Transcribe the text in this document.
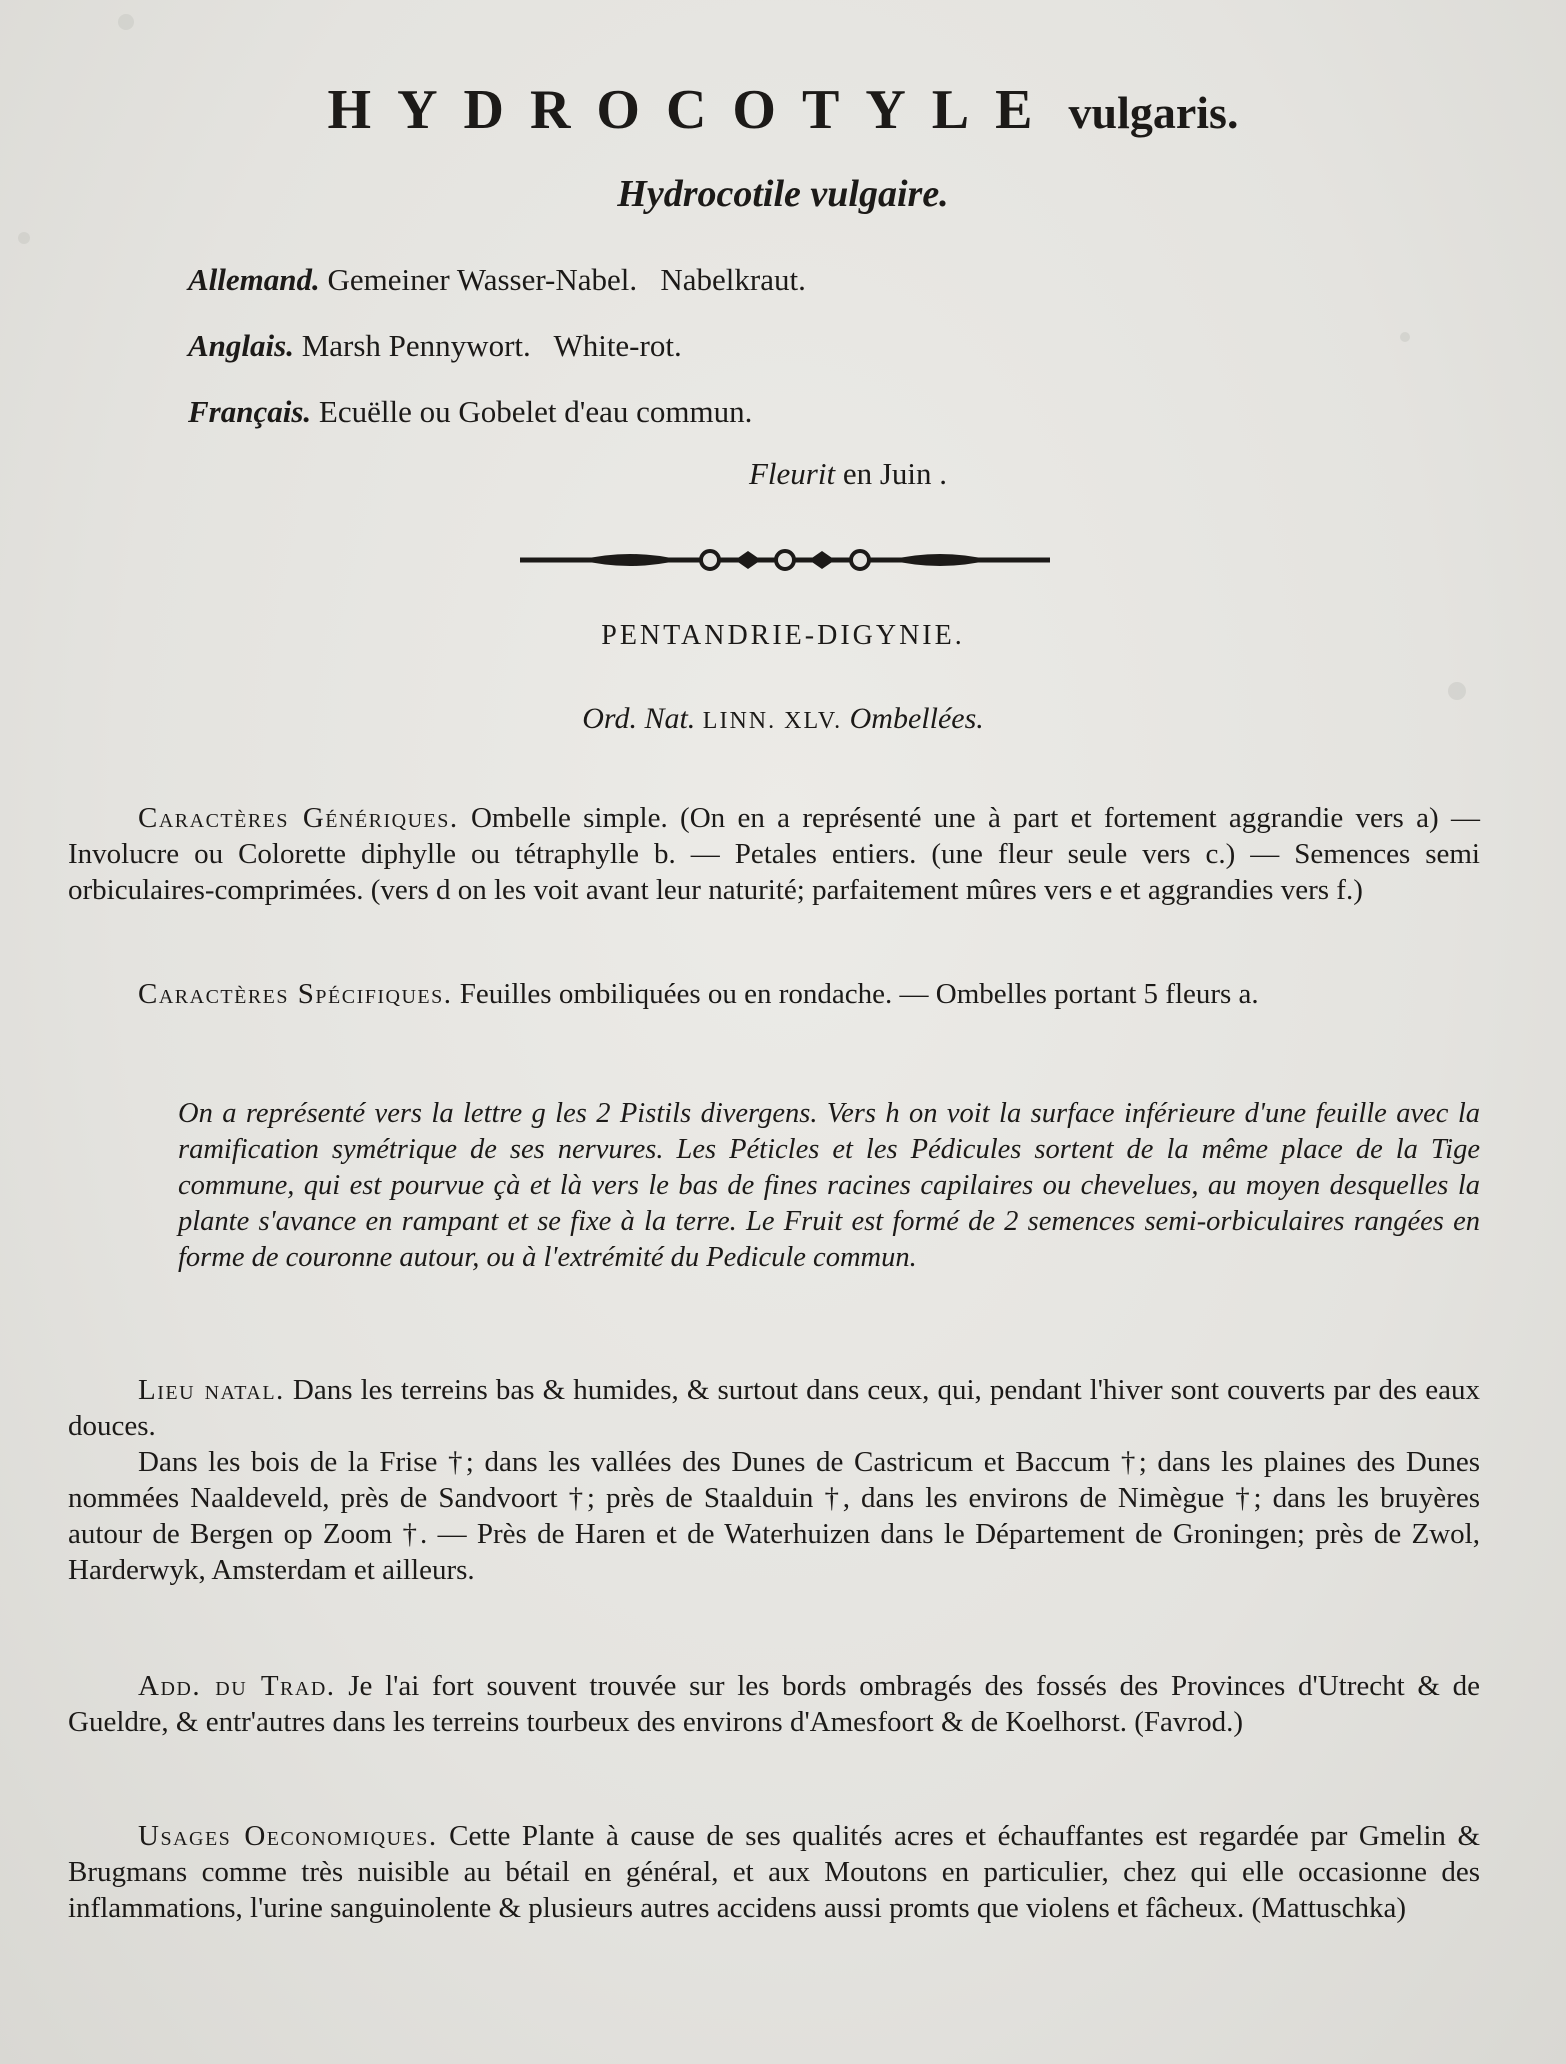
HYDROCOTYLE vulgaris.
Hydrocotile vulgaire.
Allemand. Gemeiner Wasser-Nabel.   Nabelkraut.
Anglais. Marsh Pennywort.   White-rot.
Français. Ecuëlle ou Gobelet d'eau commun.
Fleurit en Juin .
PENTANDRIE-DIGYNIE.
Ord. Nat. LINN. XLV. Ombellées.
Caractères Génériques. Ombelle simple. (On en a représenté une à part et fortement aggrandie vers a) — Involucre ou Colorette diphylle ou tétraphylle b. — Petales entiers. (une fleur seule vers c.) — Semences semi orbiculaires-comprimées. (vers d on les voit avant leur naturité; parfaitement mûres vers e et aggrandies vers f.)
Caractères Spécifiques. Feuilles ombiliquées ou en rondache. — Ombelles portant 5 fleurs a.
On a représenté vers la lettre g les 2 Pistils divergens. Vers h on voit la surface inférieure d'une feuille avec la ramification symétrique de ses nervures. Les Péticles et les Pédicules sortent de la même place de la Tige commune, qui est pourvue çà et là vers le bas de fines racines capilaires ou chevelues, au moyen desquelles la plante s'avance en rampant et se fixe à la terre. Le Fruit est formé de 2 semences semi-orbiculaires rangées en forme de couronne autour, ou à l'extrémité du Pedicule commun.
Lieu natal. Dans les terreins bas & humides, & surtout dans ceux, qui, pendant l'hiver sont couverts par des eaux douces.
Dans les bois de la Frise †; dans les vallées des Dunes de Castricum et Baccum †; dans les plaines des Dunes nommées Naaldeveld, près de Sandvoort †; près de Staalduin †, dans les environs de Nimègue †; dans les bruyères autour de Bergen op Zoom †. — Près de Haren et de Waterhuizen dans le Département de Groningen; près de Zwol, Harderwyk, Amsterdam et ailleurs.
Add. du Trad. Je l'ai fort souvent trouvée sur les bords ombragés des fossés des Provinces d'Utrecht & de Gueldre, & entr'autres dans les terreins tourbeux des environs d'Amesfoort & de Koelhorst. (Favrod.)
Usages Oeconomiques. Cette Plante à cause de ses qualités acres et échauffantes est regardée par Gmelin & Brugmans comme très nuisible au bétail en général, et aux Moutons en particulier, chez qui elle occasionne des inflammations, l'urine sanguinolente & plusieurs autres accidens aussi promts que violens et fâcheux. (Mattuschka)
